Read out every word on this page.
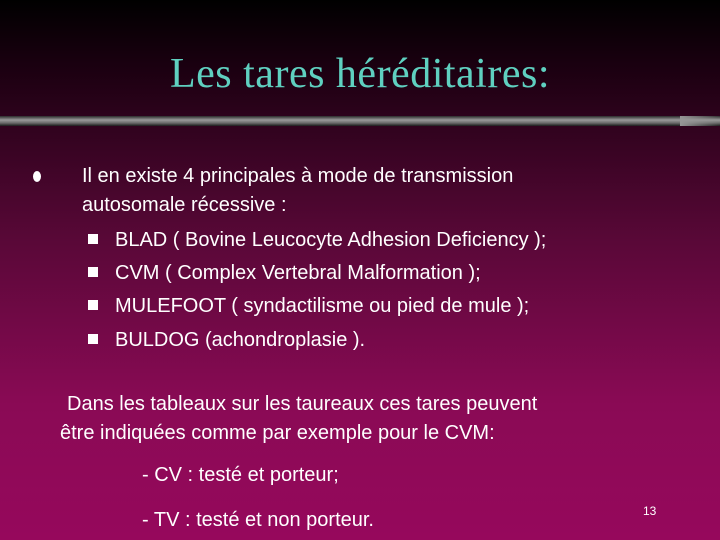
Les tares héréditaires:
Il en existe 4 principales à mode de transmission
autosomale récessive :
BLAD ( Bovine Leucocyte Adhesion Deficiency );
CVM ( Complex Vertebral Malformation );
MULEFOOT ( syndactilisme ou pied de mule );
BULDOG (achondroplasie ).
Dans les tableaux sur les taureaux ces tares peuvent
être indiquées comme par exemple pour le CVM:
- CV : testé et porteur;
- TV : testé et non porteur.	13
